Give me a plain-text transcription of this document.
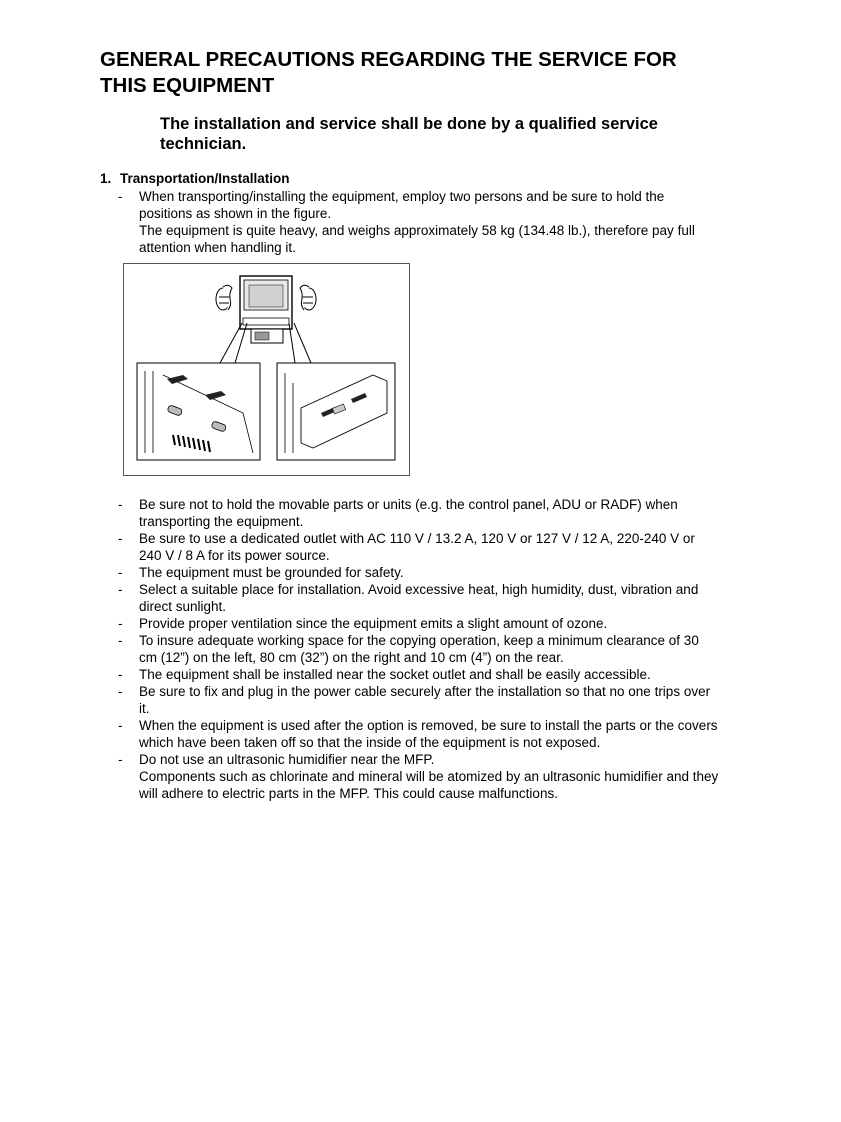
GENERAL PRECAUTIONS REGARDING THE SERVICE FOR
THIS EQUIPMENT
The installation and service shall be done by a qualified service
technician.
1. Transportation/Installation
-	When transporting/installing the equipment, employ two persons and be sure to hold the
positions as shown in the figure.
The equipment is quite heavy, and weighs approximately 58 kg (134.48 lb.), therefore pay full
attention when handling it.
-	Be sure not to hold the movable parts or units (e.g. the control panel, ADU or RADF) when
transporting the equipment.
-	Be sure to use a dedicated outlet with AC 110 V / 13.2 A, 120 V or 127 V / 12 A, 220-240 V or
240 V / 8 A for its power source.
-	The equipment must be grounded for safety.
-	Select a suitable place for installation. Avoid excessive heat, high humidity, dust, vibration and
direct sunlight.
-	Provide proper ventilation since the equipment emits a slight amount of ozone.
-	To insure adequate working space for the copying operation, keep a minimum clearance of 30
cm (12”) on the left, 80 cm (32”) on the right and 10 cm (4”) on the rear.
-	The equipment shall be installed near the socket outlet and shall be easily accessible.
-	Be sure to fix and plug in the power cable securely after the installation so that no one trips over
it.
-	When the equipment is used after the option is removed, be sure to install the parts or the covers
which have been taken off so that the inside of the equipment is not exposed.
-	Do not use an ultrasonic humidifier near the MFP.
Components such as chlorinate and mineral will be atomized by an ultrasonic humidifier and they
will adhere to electric parts in the MFP. This could cause malfunctions.
